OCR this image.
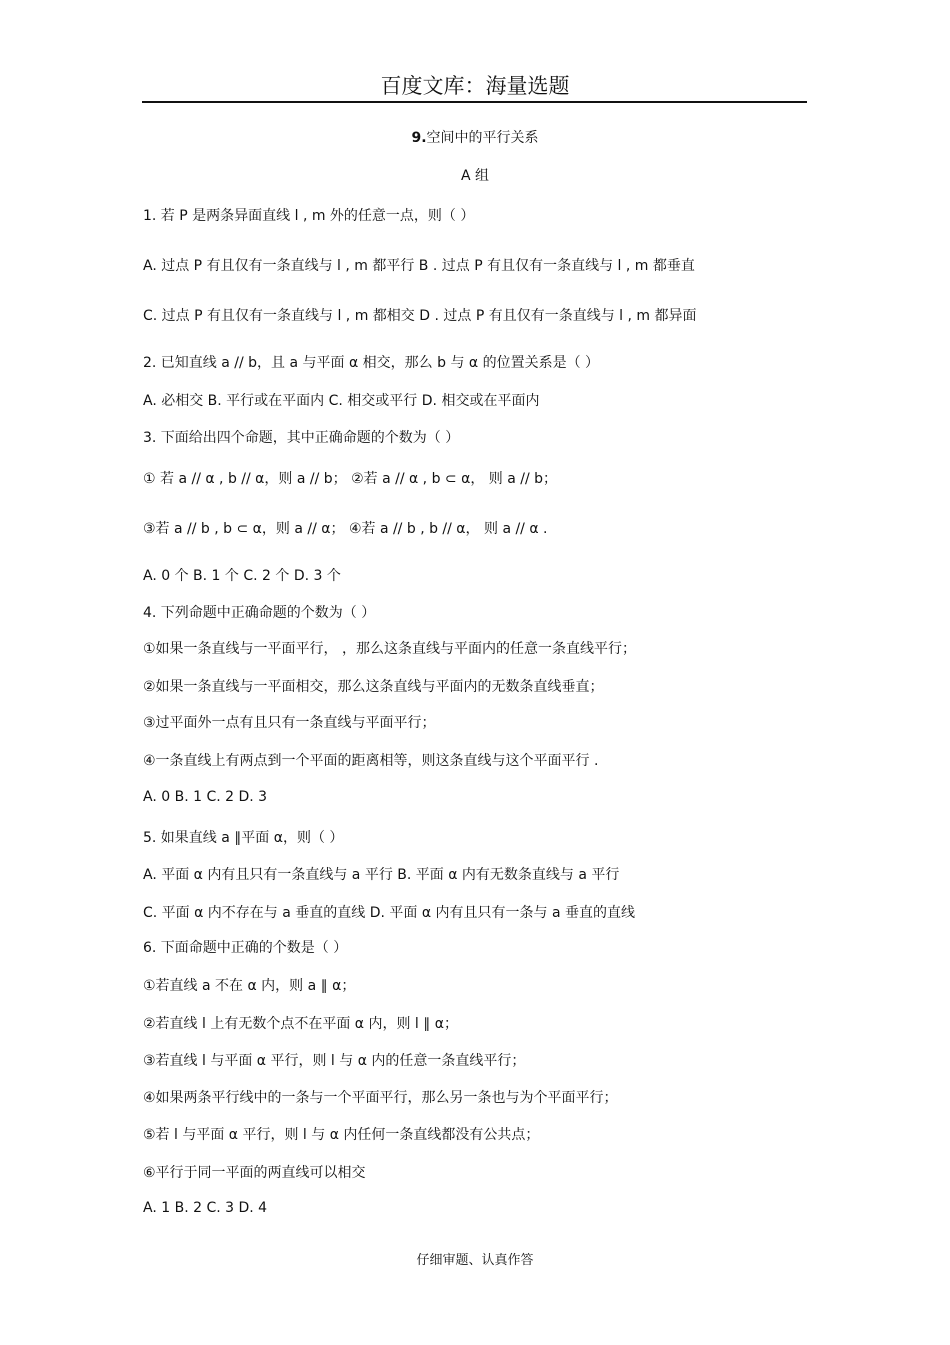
百度文库：海量选题
9.空间中的平行关系
A 组
1. 若 P 是两条异面直线 l , m 外的任意一点，则（ ）
A. 过点 P 有且仅有一条直线与 l , m 都平行 B . 过点 P 有且仅有一条直线与 l , m 都垂直
C. 过点 P 有且仅有一条直线与 l , m 都相交 D . 过点 P 有且仅有一条直线与 l , m 都异面
2. 已知直线 a // b，且 a 与平面 α 相交，那么 b 与 α 的位置关系是（ ）
A. 必相交 B. 平行或在平面内 C. 相交或平行 D. 相交或在平面内
3. 下面给出四个命题，其中正确命题的个数为（ ）
① 若 a // α , b // α，则 a // b； ②若 a // α , b ⊂ α， 则 a // b；
③若 a // b , b ⊂ α，则 a // α； ④若 a // b , b // α， 则 a // α .
A. 0 个 B. 1 个 C. 2 个 D. 3 个
4. 下列命题中正确命题的个数为（ ）
①如果一条直线与一平面平行， ，那么这条直线与平面内的任意一条直线平行；
②如果一条直线与一平面相交，那么这条直线与平面内的无数条直线垂直；
③过平面外一点有且只有一条直线与平面平行；
④一条直线上有两点到一个平面的距离相等，则这条直线与这个平面平行 .
A. 0 B. 1 C. 2 D. 3
5. 如果直线 a ∥平面 α，则（ ）
A. 平面 α 内有且只有一条直线与 a 平行 B. 平面 α 内有无数条直线与 a 平行
C. 平面 α 内不存在与 a 垂直的直线 D. 平面 α 内有且只有一条与 a 垂直的直线
6. 下面命题中正确的个数是（ ）
①若直线 a 不在 α 内，则 a ∥ α；
②若直线 l 上有无数个点不在平面 α 内，则 l ∥ α；
③若直线 l 与平面 α 平行，则 l 与 α 内的任意一条直线平行；
④如果两条平行线中的一条与一个平面平行，那么另一条也与为个平面平行；
⑤若 l 与平面 α 平行，则 l 与 α 内任何一条直线都没有公共点；
⑥平行于同一平面的两直线可以相交
A. 1 B. 2 C. 3 D. 4
仔细审题、认真作答
